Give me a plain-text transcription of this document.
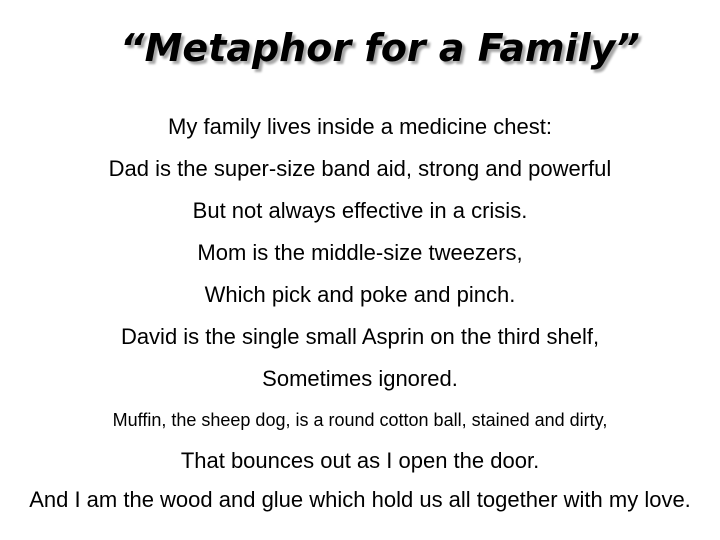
“Metaphor for a Family”
My family lives inside a medicine chest:
Dad is the super-size band aid, strong and powerful
But not always effective in a crisis.
Mom is the middle-size tweezers,
Which pick and poke and pinch.
David is the single small Asprin on the third shelf,
Sometimes ignored.
Muffin, the sheep dog, is a round cotton ball, stained and dirty,
That bounces out as I open the door.
And I am the wood and glue which hold us all together with my love.
